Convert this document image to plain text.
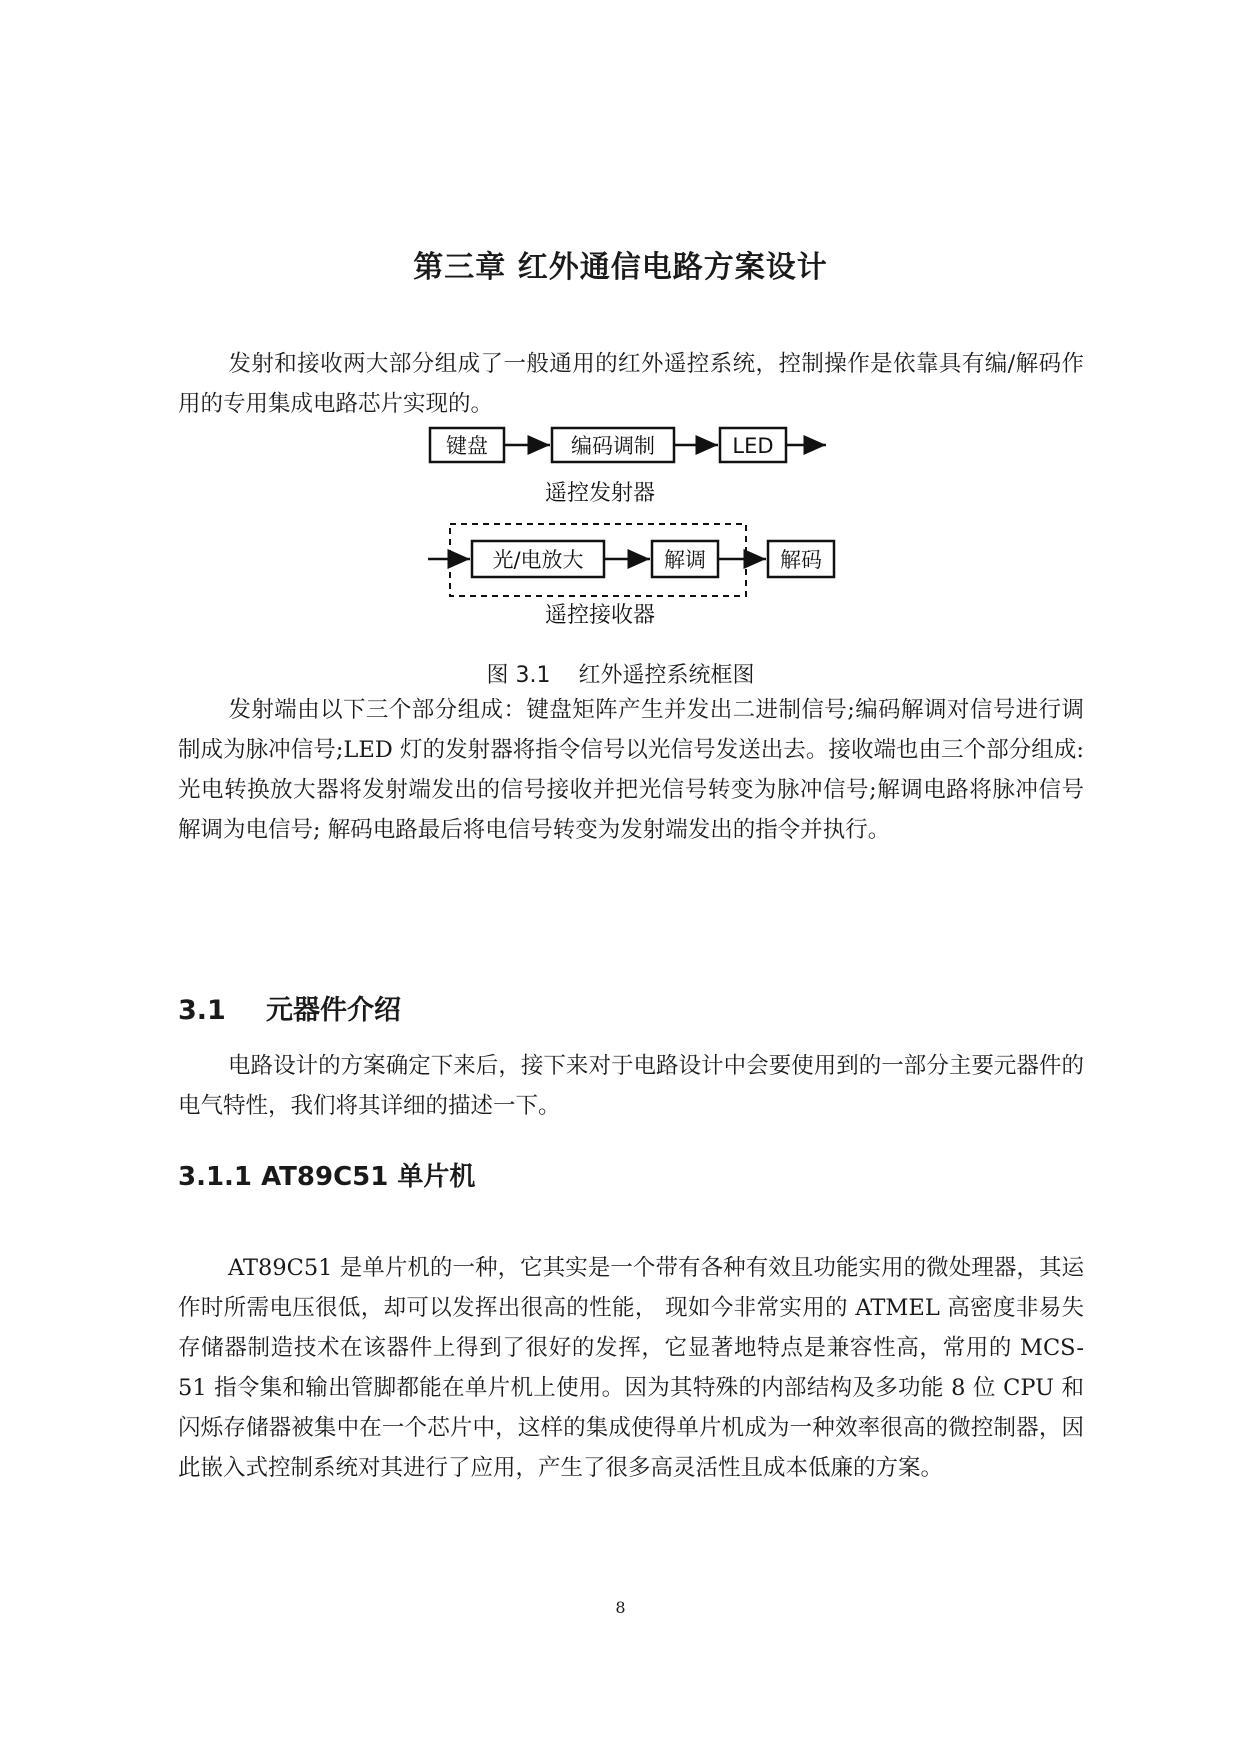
第三章 红外通信电路方案设计

发射和接收两大部分组成了一般通用的红外遥控系统，控制操作是依靠具有编/解码作用的专用集成电路芯片实现的。

键盘	编码调制	LED
遥控发射器
光/电放大	解调	解码
遥控接收器
图 3.1 红外遥控系统框图

发射端由以下三个部分组成：键盘矩阵产生并发出二进制信号;编码解调对信号进行调制成为脉冲信号;LED 灯的发射器将指令信号以光信号发送出去。接收端也由三个部分组成: 光电转换放大器将发射端发出的信号接收并把光信号转变为脉冲信号;解调电路将脉冲信号解调为电信号; 解码电路最后将电信号转变为发射端发出的指令并执行。

3.1 元器件介绍

电路设计的方案确定下来后，接下来对于电路设计中会要使用到的一部分主要元器件的电气特性，我们将其详细的描述一下。

3.1.1 AT89C51 单片机

AT89C51 是单片机的一种，它其实是一个带有各种有效且功能实用的微处理器，其运作时所需电压很低，却可以发挥出很高的性能， 现如今非常实用的 ATMEL 高密度非易失存储器制造技术在该器件上得到了很好的发挥，它显著地特点是兼容性高，常用的 MCS-51 指令集和输出管脚都能在单片机上使用。因为其特殊的内部结构及多功能 8 位 CPU 和闪烁存储器被集中在一个芯片中，这样的集成使得单片机成为一种效率很高的微控制器，因此嵌入式控制系统对其进行了应用，产生了很多高灵活性且成本低廉的方案。

8
